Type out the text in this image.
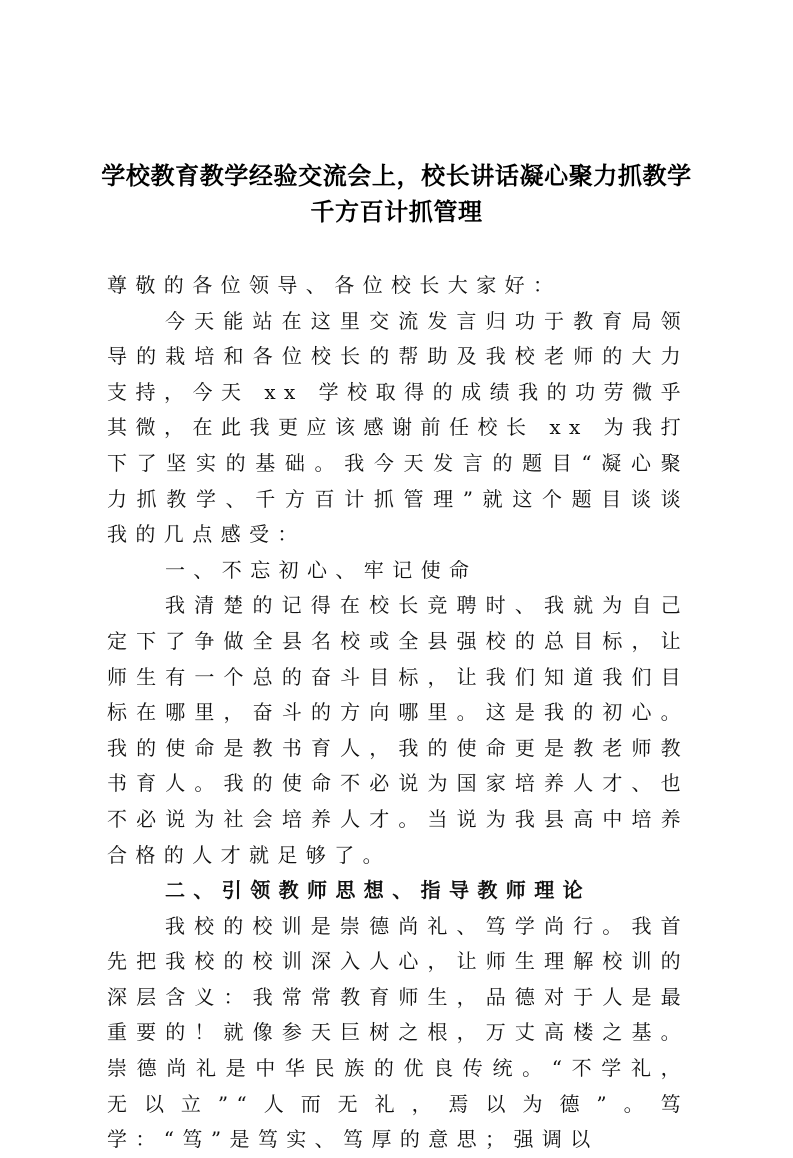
学校教育教学经验交流会上，校长讲话凝心聚力抓教学
千方百计抓管理

尊敬的各位领导、各位校长大家好：

今天能站在这里交流发言归功于教育局领导的栽培和各位校长的帮助及我校老师的大力支持，今天 xx 学校取得的成绩我的功劳微乎其微，在此我更应该感谢前任校长 xx 为我打下了坚实的基础。我今天发言的题目“凝心聚力抓教学、千方百计抓管理”就这个题目谈谈我的几点感受：

一、不忘初心、牢记使命

我清楚的记得在校长竞聘时、我就为自己定下了争做全县名校或全县强校的总目标，让师生有一个总的奋斗目标，让我们知道我们目标在哪里，奋斗的方向哪里。这是我的初心。我的使命是教书育人，我的使命更是教老师教书育人。我的使命不必说为国家培养人才、也不必说为社会培养人才。当说为我县高中培养合格的人才就足够了。

二、引领教师思想、指导教师理论

我校的校训是崇德尚礼、笃学尚行。我首先把我校的校训深入人心，让师生理解校训的深层含义：我常常教育师生，品德对于人是最重要的！就像参天巨树之根，万丈高楼之基。崇德尚礼是中华民族的优良传统。“不学礼，无以立”“人而无礼，焉以为德”。笃学：“笃”是笃实、笃厚的意思；强调以
